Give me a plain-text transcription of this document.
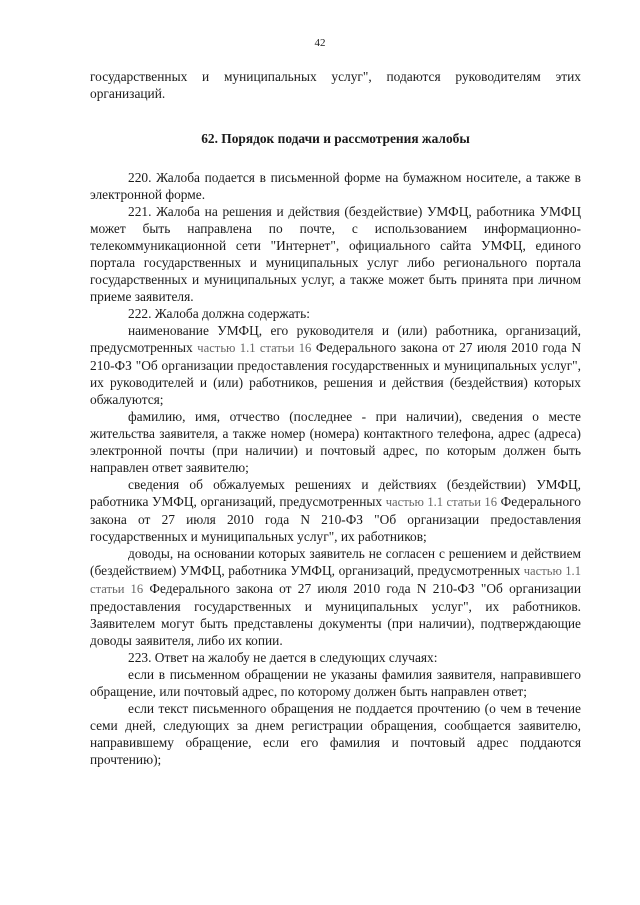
42

государственных и муниципальных услуг", подаются руководителям этих организаций.

62. Порядок подачи и рассмотрения жалобы

220. Жалоба подается в письменной форме на бумажном носителе, а также в электронной форме.

221. Жалоба на решения и действия (бездействие) УМФЦ, работника УМФЦ может быть направлена по почте, с использованием информационно-телекоммуникационной сети "Интернет", официального сайта УМФЦ, единого портала государственных и муниципальных услуг либо регионального портала государственных и муниципальных услуг, а также может быть принята при личном приеме заявителя.

222. Жалоба должна содержать:

наименование УМФЦ, его руководителя и (или) работника, организаций, предусмотренных частью 1.1 статьи 16 Федерального закона от 27 июля 2010 года N 210-ФЗ "Об организации предоставления государственных и муниципальных услуг", их руководителей и (или) работников, решения и действия (бездействия) которых обжалуются;

фамилию, имя, отчество (последнее - при наличии), сведения о месте жительства заявителя, а также номер (номера) контактного телефона, адрес (адреса) электронной почты (при наличии) и почтовый адрес, по которым должен быть направлен ответ заявителю;

сведения об обжалуемых решениях и действиях (бездействии) УМФЦ, работника УМФЦ, организаций, предусмотренных частью 1.1 статьи 16 Федерального закона от 27 июля 2010 года N 210-ФЗ "Об организации предоставления государственных и муниципальных услуг", их работников;

доводы, на основании которых заявитель не согласен с решением и действием (бездействием) УМФЦ, работника УМФЦ, организаций, предусмотренных частью 1.1 статьи 16 Федерального закона от 27 июля 2010 года N 210-ФЗ "Об организации предоставления государственных и муниципальных услуг", их работников. Заявителем могут быть представлены документы (при наличии), подтверждающие доводы заявителя, либо их копии.

223. Ответ на жалобу не дается в следующих случаях:

если в письменном обращении не указаны фамилия заявителя, направившего обращение, или почтовый адрес, по которому должен быть направлен ответ;

если текст письменного обращения не поддается прочтению (о чем в течение семи дней, следующих за днем регистрации обращения, сообщается заявителю, направившему обращение, если его фамилия и почтовый адрес поддаются прочтению);
